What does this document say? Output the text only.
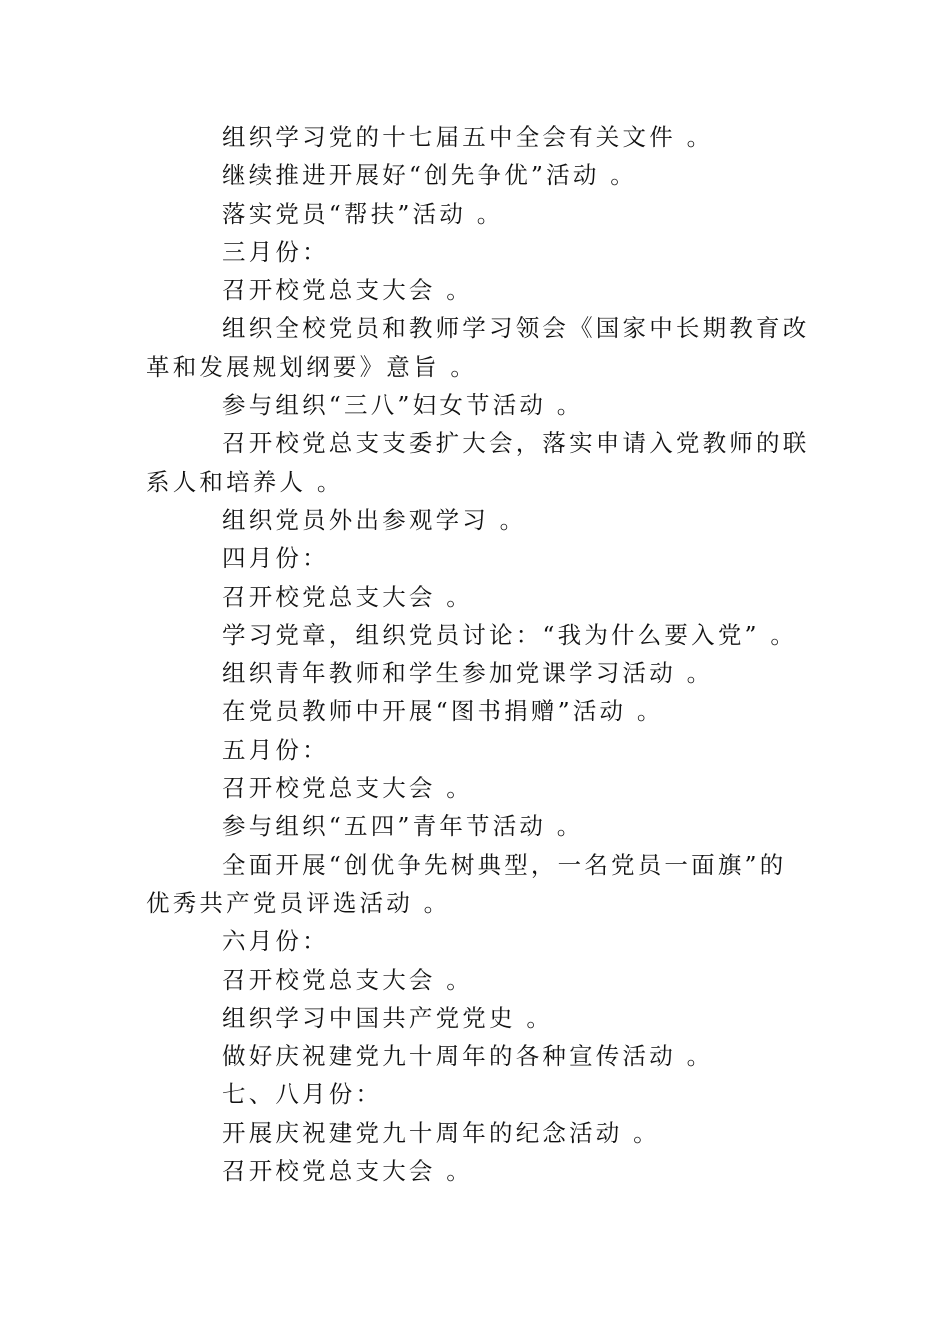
组织学习党的十七届五中全会有关文件 。

继续推进开展好“创先争优”活动 。

落实党员“帮扶”活动 。

三月份：

召开校党总支大会 。

组织全校党员和教师学习领会《国家中长期教育改革和发展规划纲要》意旨 。

参与组织“三八”妇女节活动 。

召开校党总支支委扩大会，落实申请入党教师的联系人和培养人 。

组织党员外出参观学习 。

四月份：

召开校党总支大会 。

学习党章，组织党员讨论：“我为什么要入党” 。

组织青年教师和学生参加党课学习活动 。

在党员教师中开展“图书捐赠”活动 。

五月份：

召开校党总支大会 。

参与组织“五四”青年节活动 。

全面开展“创优争先树典型，一名党员一面旗”的优秀共产党员评选活动 。

六月份：

召开校党总支大会 。

组织学习中国共产党党史 。

做好庆祝建党九十周年的各种宣传活动 。

七、八月份：

开展庆祝建党九十周年的纪念活动 。

召开校党总支大会 。
